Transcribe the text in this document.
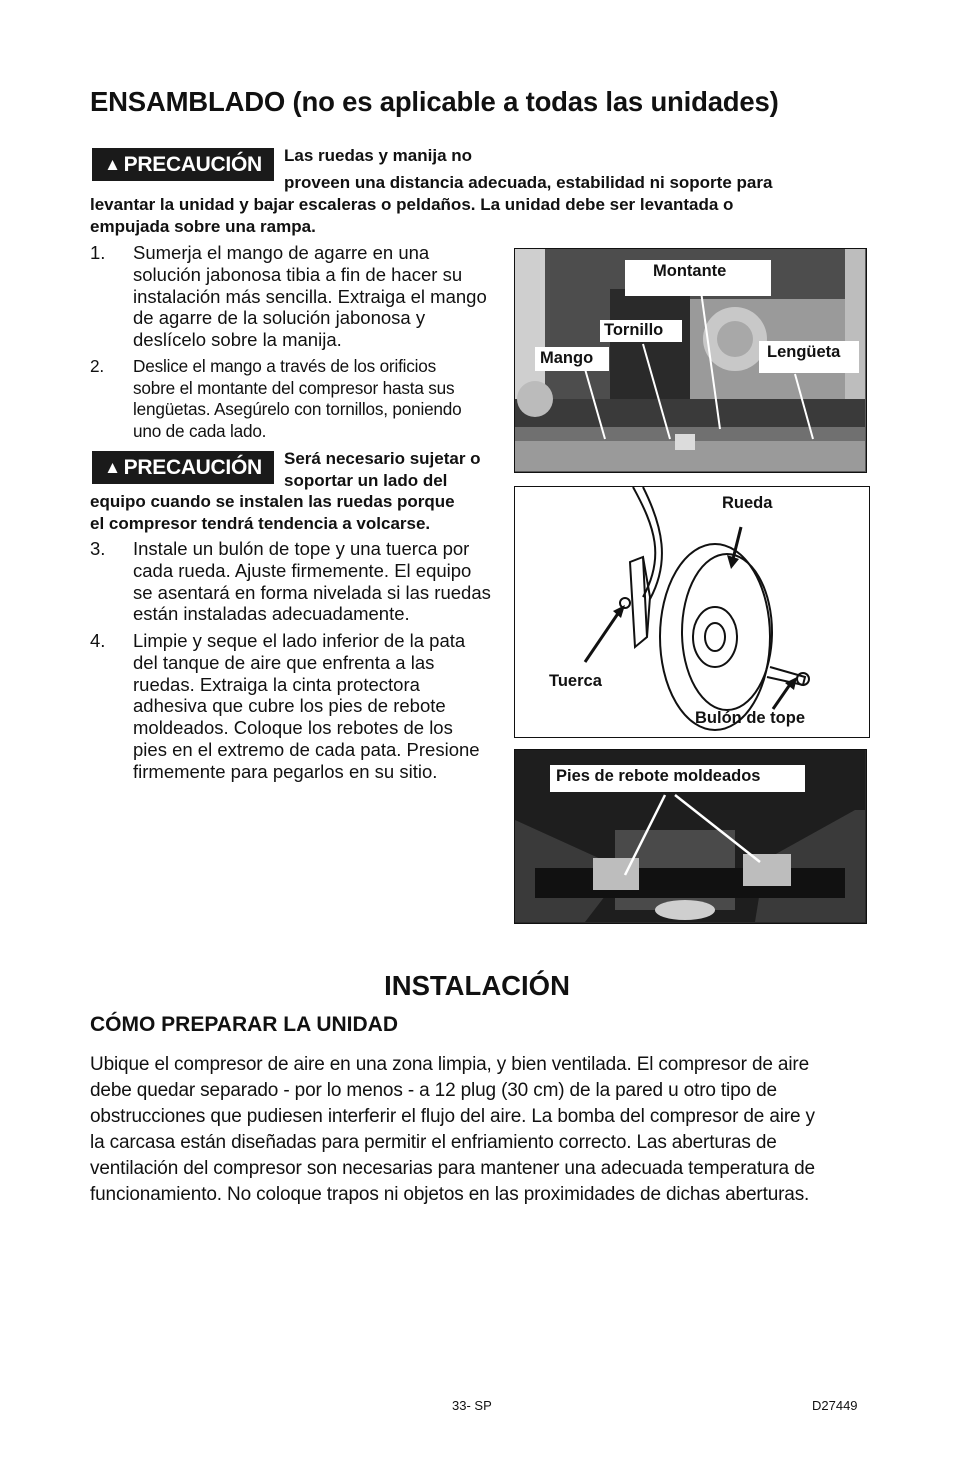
ENSAMBLADO (no es aplicable a todas las unidades)
▲ PRECAUCIÓN Las ruedas y manija no
proveen una distancia adecuada, estabilidad ni soporte para
levantar la unidad y bajar escaleras o peldaños. La unidad debe ser levantada o
empujada sobre una rampa.
1. Sumerja el mango de agarre en una
solución jabonosa tibia a fin de hacer su
instalación más sencilla. Extraiga el mango
de agarre de la solución jabonosa y
deslícelo sobre la manija.
2. Deslice el mango a través de los orificios
sobre el montante del compresor hasta sus
lengüetas. Asegúrelo con tornillos, poniendo
uno de cada lado.
▲ PRECAUCIÓN Será necesario sujetar o
soportar un lado del
equipo cuando se instalen las ruedas porque
el compresor tendrá tendencia a volcarse.
3. Instale un bulón de tope y una tuerca por
cada rueda. Ajuste firmemente. El equipo
se asentará en forma nivelada si las ruedas
están instaladas adecuadamente.
4. Limpie y seque el lado inferior de la pata
del tanque de aire que enfrenta a las
ruedas. Extraiga la cinta protectora
adhesiva que cubre los pies de rebote
moldeados. Coloque los rebotes de los
pies en el extremo de cada pata. Presione
firmemente para pegarlos en su sitio.
Montante
Tornillo
Mango	Lengüeta
Rueda
Tuerca
Bulón de tope
Pies de rebote moldeados
INSTALACIÓN
CÓMO PREPARAR LA UNIDAD
Ubique el compresor de aire en una zona limpia, y bien ventilada. El compresor de aire
debe quedar separado - por lo menos - a 12 plug (30 cm) de la pared u otro tipo de
obstrucciones que pudiesen interferir el flujo del aire. La bomba del compresor de aire y
la carcasa están diseñadas para permitir el enfriamiento correcto. Las aberturas de
ventilación del compresor son necesarias para mantener una adecuada temperatura de
funcionamiento. No coloque trapos ni objetos en las proximidades de dichas aberturas.
33- SP	D27449
